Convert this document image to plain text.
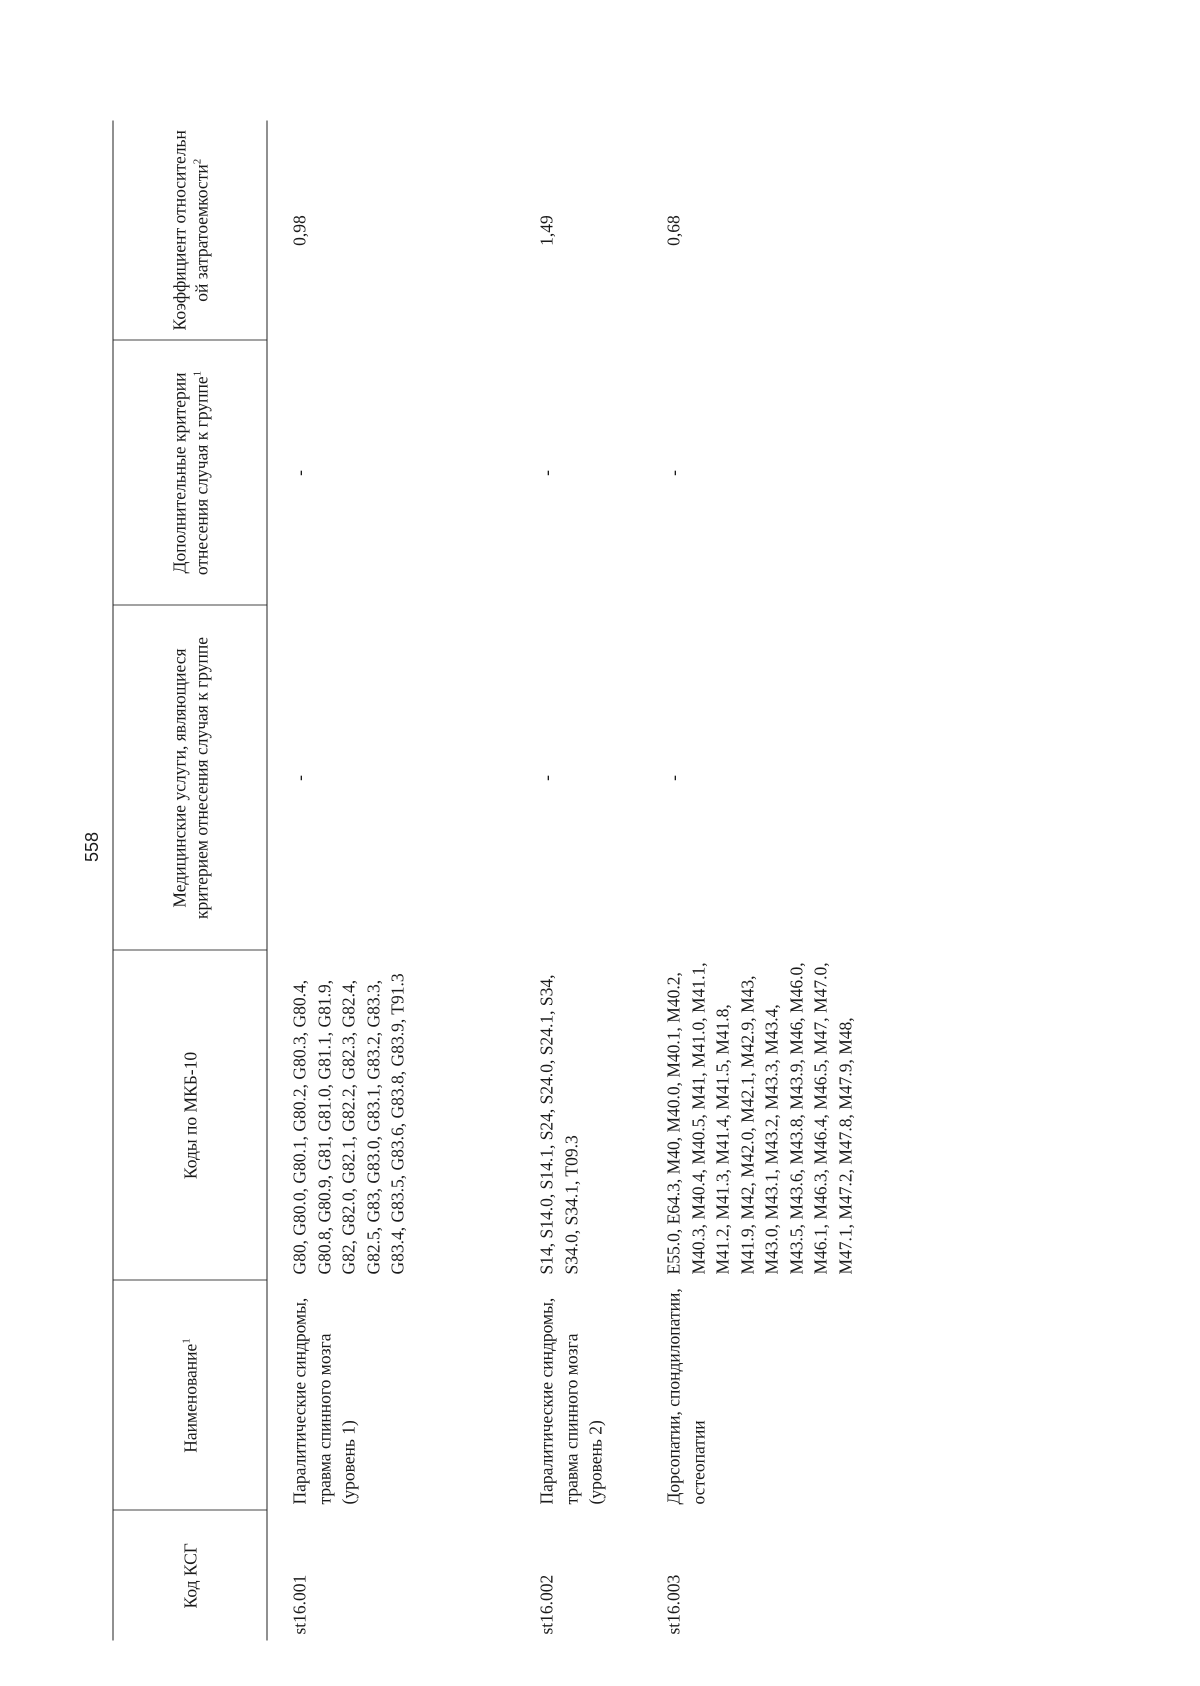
558
Код КСГ	Наименование$^1$	Коды по МКБ-10	Медицинские услуги, являющиеся критерием отнесения случая к группе	Дополнительные критерии отнесения случая к группе$^1$	Коэффициент относительной затратоемкости$^2$
st16.001	Паралитические синдромы, травма спинного мозга (уровень 1)	G80, G80.0, G80.1, G80.2, G80.3, G80.4, G80.8, G80.9, G81, G81.0, G81.1, G81.9, G82, G82.0, G82.1, G82.2, G82.3, G82.4, G82.5, G83, G83.0, G83.1, G83.2, G83.3, G83.4, G83.5, G83.6, G83.8, G83.9, T91.3	-	-	0,98
st16.002	Паралитические синдромы, травма спинного мозга (уровень 2)	S14, S14.0, S14.1, S24, S24.0, S24.1, S34, S34.0, S34.1, T09.3	-	-	1,49
st16.003	Дорсопатии, спондилопатии, остеопатии	E55.0, E64.3, M40, M40.0, M40.1, M40.2, M40.3, M40.4, M40.5, M41, M41.0, M41.1, M41.2, M41.3, M41.4, M41.5, M41.8, M41.9, M42, M42.0, M42.1, M42.9, M43, M43.0, M43.1, M43.2, M43.3, M43.4, M43.5, M43.6, M43.8, M43.9, M46, M46.0, M46.1, M46.3, M46.4, M46.5, M47, M47.0, M47.1, M47.2, M47.8, M47.9, M48,	-	-	0,68
